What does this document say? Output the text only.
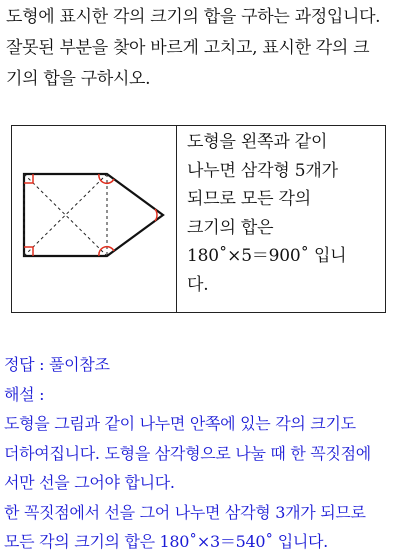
도형에 표시한 각의 크기의 합을 구하는 과정입니다.
잘못된 부분을 찾아 바르게 고치고, 표시한 각의 크
기의 합을 구하시오.
도형을 왼쪽과 같이
나누면 삼각형 5개가
되므로 모든 각의
크기의 합은
180˚×5＝900˚ 입니
다.
정답 : 풀이참조
해설 :
도형을 그림과 같이 나누면 안쪽에 있는 각의 크기도
더하여집니다. 도형을 삼각형으로 나눌 때 한 꼭짓점에
서만 선을 그어야 합니다.
한 꼭짓점에서 선을 그어 나누면 삼각형 3개가 되므로
모든 각의 크기의 합은 180˚×3＝540˚ 입니다.
